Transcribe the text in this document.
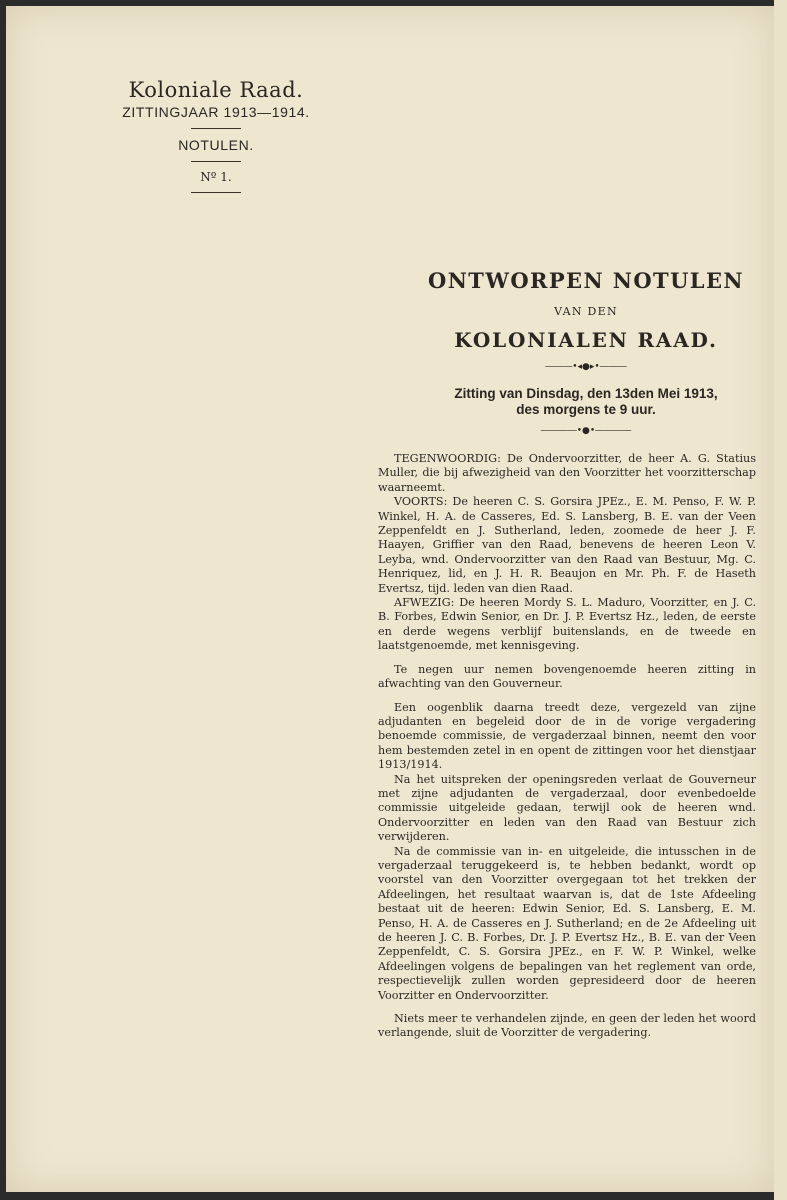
Koloniale Raad.
ZITTINGJAAR 1913—1914.
NOTULEN.
Nº 1.
ONTWORPEN NOTULEN
VAN DEN
KOLONIALEN RAAD.
―――•◂●▸•―――
Zitting van Dinsdag, den 13den Mei 1913,
des morgens te 9 uur.
――――•●•――――

TEGENWOORDIG: De Ondervoorzitter, de heer A. G. Statius Muller, die bij afwezigheid van den Voorzitter het voorzitterschap waarneemt.

VOORTS: De heeren C. S. Gorsira JPEz., E. M. Penso, F. W. P. Winkel, H. A. de Casseres, Ed. S. Lansberg, B. E. van der Veen Zeppenfeldt en J. Sutherland, leden, zoomede de heer J. F. Haayen, Griffier van den Raad, benevens de heeren Leon V. Leyba, wnd. Ondervoorzitter van den Raad van Bestuur, Mg. C. Henriquez, lid, en J. H. R. Beaujon en Mr. Ph. F. de Haseth Evertsz, tijd. leden van dien Raad.

AFWEZIG: De heeren Mordy S. L. Maduro, Voorzitter, en J. C. B. Forbes, Edwin Senior, en Dr. J. P. Evertsz Hz., leden, de eerste en derde wegens verblijf buitenslands, en de tweede en laatstgenoemde, met kennisgeving.

Te negen uur nemen bovengenoemde heeren zitting in afwachting van den Gouverneur.

Een oogenblik daarna treedt deze, vergezeld van zijne adjudanten en begeleid door de in de vorige vergadering benoemde commissie, de vergaderzaal binnen, neemt den voor hem bestemden zetel in en opent de zittingen voor het dienstjaar 1913/1914.

Na het uitspreken der openingsreden verlaat de Gouverneur met zijne adjudanten de vergaderzaal, door evenbedoelde commissie uitgeleide gedaan, terwijl ook de heeren wnd. Ondervoorzitter en leden van den Raad van Bestuur zich verwijderen.

Na de commissie van in- en uitgeleide, die intusschen in de vergaderzaal teruggekeerd is, te hebben bedankt, wordt op voorstel van den Voorzitter overgegaan tot het trekken der Afdeelingen, het resultaat waarvan is, dat de 1ste Afdeeling bestaat uit de heeren: Edwin Senior, Ed. S. Lansberg, E. M. Penso, H. A. de Casseres en J. Sutherland; en de 2e Afdeeling uit de heeren J. C. B. Forbes, Dr. J. P. Evertsz Hz., B. E. van der Veen Zeppenfeldt, C. S. Gorsira JPEz., en F. W. P. Winkel, welke Afdeelingen volgens de bepalingen van het reglement van orde, respectievelijk zullen worden gepresideerd door de heeren Voorzitter en Ondervoorzitter.

Niets meer te verhandelen zijnde, en geen der leden het woord verlangende, sluit de Voorzitter de vergadering.
